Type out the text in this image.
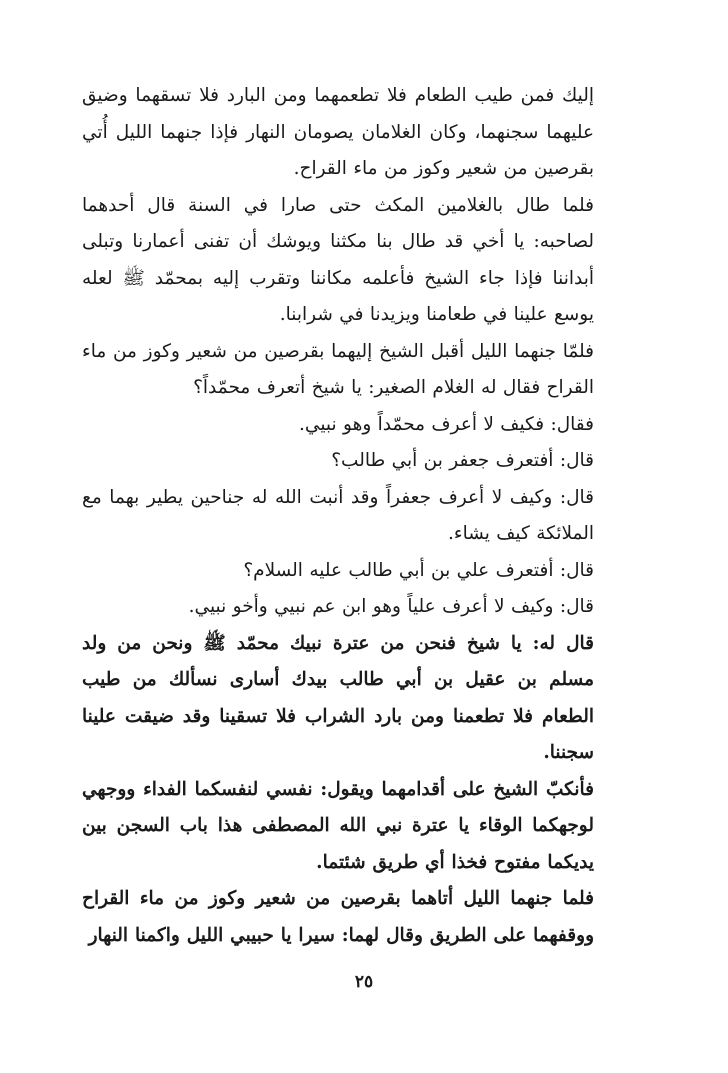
إليك فمن طيب الطعام فلا تطعمهما ومن البارد فلا تسقهما وضيق عليهما سجنهما، وكان الغلامان يصومان النهار فإذا جنهما الليل أُتي بقرصين من شعير وكوز من ماء القراح.

فلما طال بالغلامين المكث حتى صارا في السنة قال أحدهما لصاحبه: يا أخي قد طال بنا مكثنا ويوشك أن تفنى أعمارنا وتبلى أبداننا فإذا جاء الشيخ فأعلمه مكاننا وتقرب إليه بمحمّد ﷺ لعله يوسع علينا في طعامنا ويزيدنا في شرابنا.

فلمّا جنهما الليل أقبل الشيخ إليهما بقرصين من شعير وكوز من ماء القراح فقال له الغلام الصغير: يا شيخ أتعرف محمّداً؟

فقال: فكيف لا أعرف محمّداً وهو نبيي.

قال: أفتعرف جعفر بن أبي طالب؟

قال: وكيف لا أعرف جعفراً وقد أنبت الله له جناحين يطير بهما مع الملائكة كيف يشاء.

قال: أفتعرف علي بن أبي طالب عليه السلام؟

قال: وكيف لا أعرف علياً وهو ابن عم نبيي وأخو نبيي.

قال له: يا شيخ فنحن من عترة نبيك محمّد ﷺ ونحن من ولد مسلم بن عقيل بن أبي طالب بيدك أسارى نسألك من طيب الطعام فلا تطعمنا ومن بارد الشراب فلا تسقينا وقد ضيقت علينا سجننا.

فأنكبّ الشيخ على أقدامهما ويقول: نفسي لنفسكما الفداء ووجهي لوجهكما الوقاء يا عترة نبي الله المصطفى هذا باب السجن بين يديكما مفتوح فخذا أي طريق شئتما.

فلما جنهما الليل أتاهما بقرصين من شعير وكوز من ماء القراح ووقفهما على الطريق وقال لهما: سيرا يا حبيبي الليل واكمنا النهار

٢٥
